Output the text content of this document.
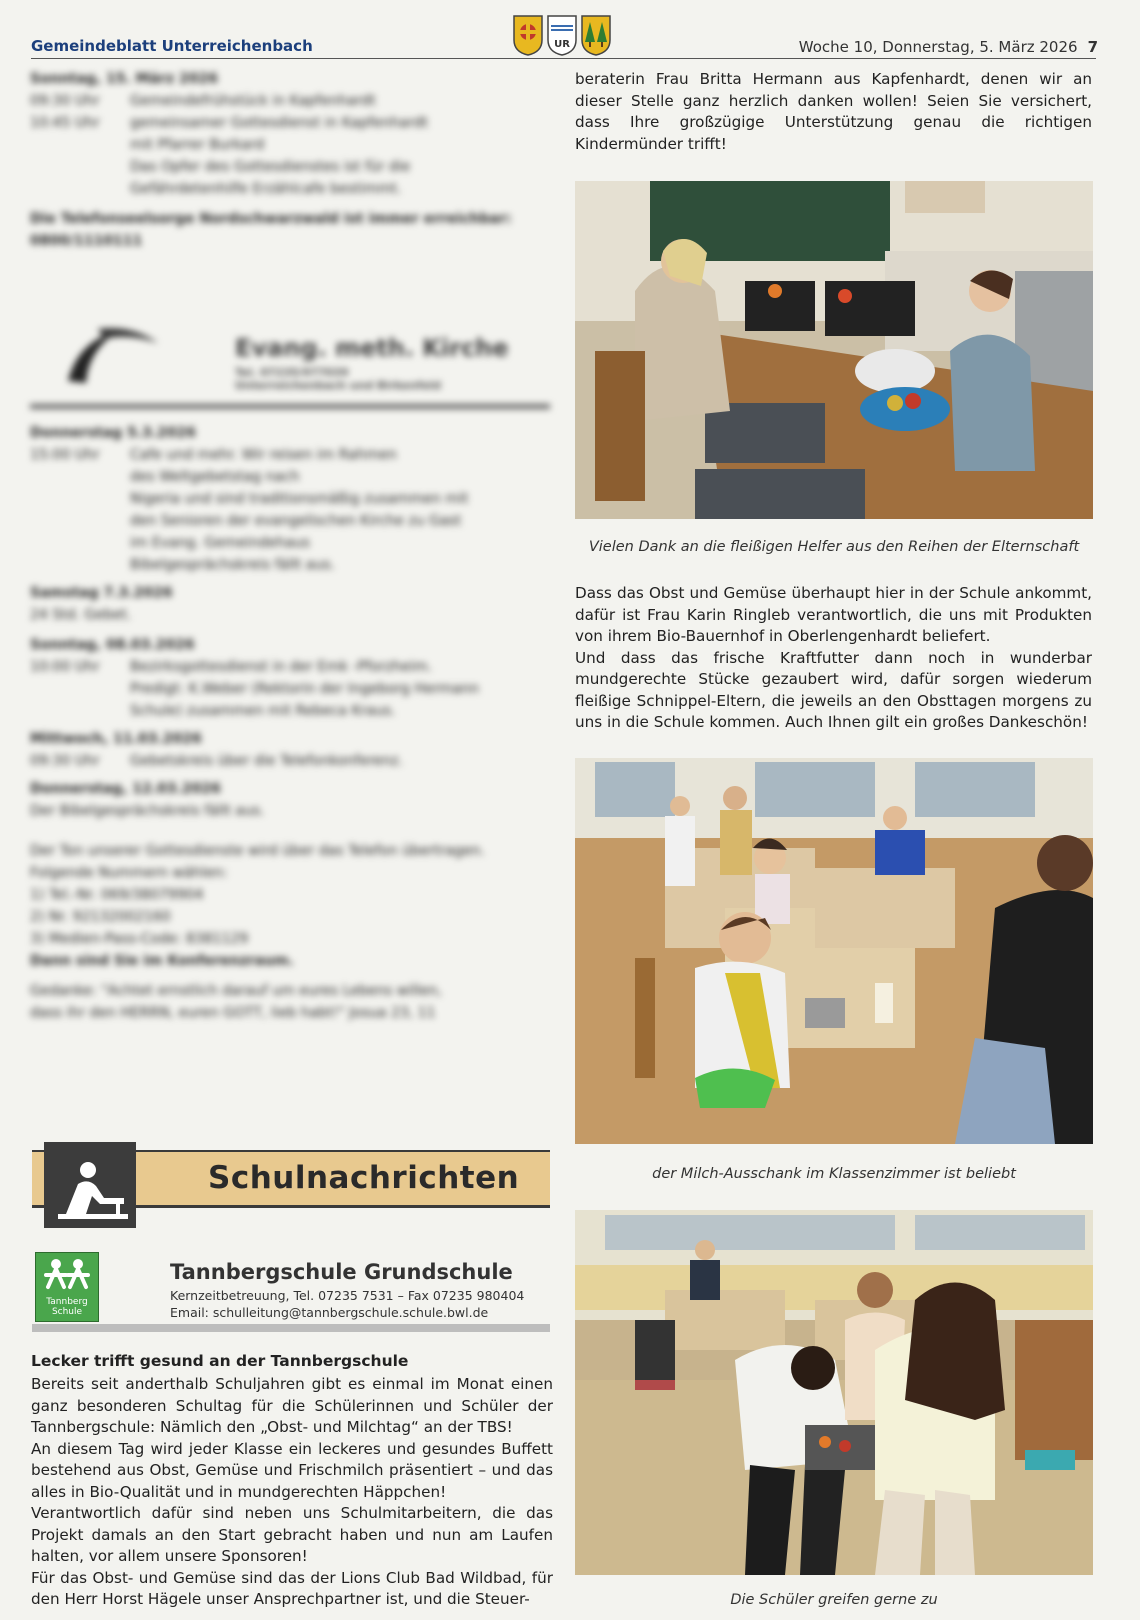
Gemeindeblatt Unterreichenbach	UR	Woche 10, Donnerstag, 5. März 2026 7
Sonntag, 15. März 2026
09:30 Uhr Gemeindefrühstück in Kapfenhardt
10:45 Uhr gemeinsamer Gottesdienst in Kapfenhardt
mit Pfarrer Burkard
Das Opfer des Gottesdienstes ist für die
Gefährdetenhilfe Erzählcafe bestimmt.
Die Telefonseelsorge Nordschwarzwald ist immer erreichbar:
0800/1110111
Evang. meth. Kirche
Tel. 07235/977039
Unterreichenbach und Birkenfeld
Donnerstag 5.3.2026
15:00 Uhr Cafe und mehr. Wir reisen im Rahmen
des Weltgebetstag nach
Nigeria und sind traditionsmäßig zusammen mit
den Senioren der evangelischen Kirche zu Gast
im Evang. Gemeindehaus
Bibelgesprächskreis fällt aus.
Samstag 7.3.2026
24 Std. Gebet.
Sonntag, 08.03.2026
10:00 Uhr Bezirksgottesdienst in der Emk -Pforzheim.
Predigt: K.Weber (Rektorin der Ingeborg Hermann
Schule) zusammen mit Rebeca Kraus.
Mittwoch, 11.03.2026
09:30 Uhr Gebetskreis über die Telefonkonferenz.
Donnerstag, 12.03.2026
Der Bibelgesprächskreis fällt aus.
Der Ton unserer Gottesdienste wird über das Telefon übertragen.
Folgende Nummern wählen:
1) Tel.-Nr. 069/38079904
2) Nr. 92132002160
3) Medien-Pass-Code: 8381129
Dann sind Sie im Konferenzraum.
Gedanke: "Achtet ernstlich darauf um eures Lebens willen,
dass ihr den HERRN, euren GOTT, lieb habt!" Josua 23, 11
Schulnachrichten
Tannberg
Schule
Tannbergschule Grundschule
Kernzeitbetreuung, Tel. 07235 7531 – Fax 07235 980404
Email: schulleitung@tannbergschule.schule.bwl.de
Lecker trifft gesund an der Tannbergschule

Bereits seit anderthalb Schuljahren gibt es einmal im Monat einen ganz besonderen Schultag für die Schülerinnen und Schüler der Tannbergschule: Nämlich den „Obst- und Milchtag“ an der TBS!

An diesem Tag wird jeder Klasse ein leckeres und gesundes Buffett bestehend aus Obst, Gemüse und Frischmilch präsentiert – und das alles in Bio-Qualität und in mundgerechten Häppchen!

Verantwortlich dafür sind neben uns Schulmitarbeitern, die das Projekt damals an den Start gebracht haben und nun am Laufen halten, vor allem unsere Sponsoren!

Für das Obst- und Gemüse sind das der Lions Club Bad Wildbad, für den Herr Horst Hägele unser Ansprechpartner ist, und die Steuer-

beraterin Frau Britta Hermann aus Kapfenhardt, denen wir an dieser Stelle ganz herzlich danken wollen! Seien Sie versichert, dass Ihre großzügige Unterstützung genau die richtigen Kindermünder trifft!

Vielen Dank an die fleißigen Helfer aus den Reihen der Elternschaft

Dass das Obst und Gemüse überhaupt hier in der Schule ankommt, dafür ist Frau Karin Ringleb verantwortlich, die uns mit Produkten von ihrem Bio-Bauernhof in Oberlengenhardt beliefert.

Und dass das frische Kraftfutter dann noch in wunderbar mundgerechte Stücke gezaubert wird, dafür sorgen wiederum fleißige Schnippel-Eltern, die jeweils an den Obsttagen morgens zu uns in die Schule kommen. Auch Ihnen gilt ein großes Dankeschön!

der Milch-Ausschank im Klassenzimmer ist beliebt
Die Schüler greifen gerne zu
